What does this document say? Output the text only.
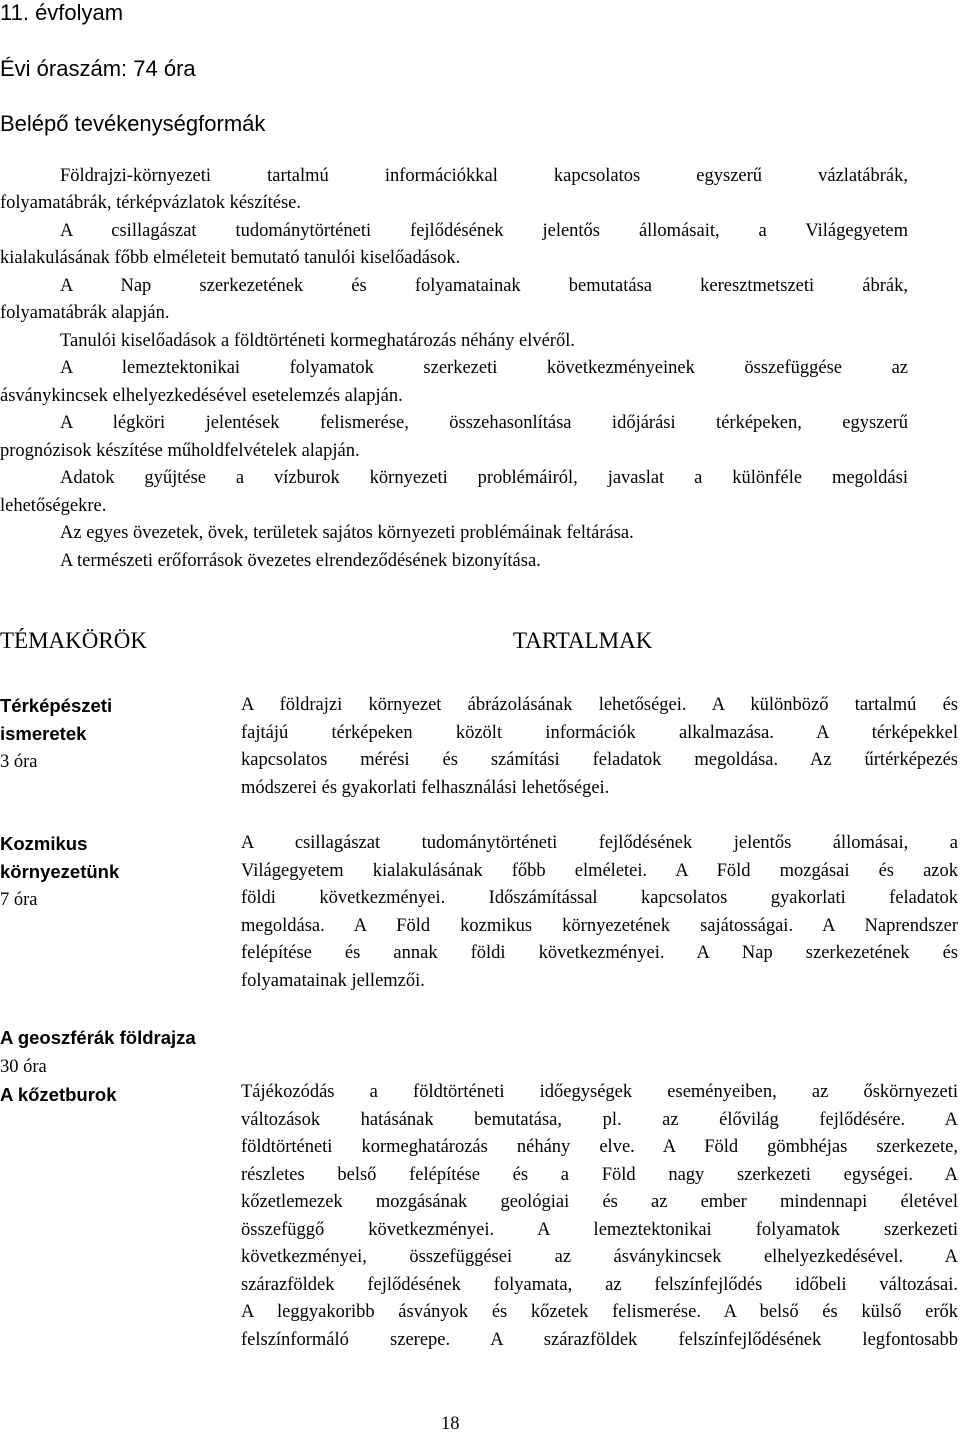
11. évfolyam
Évi óraszám: 74 óra
Belépő tevékenységformák
Földrajzi-környezeti tartalmú információkkal kapcsolatos egyszerű vázlatábrák,
folyamatábrák, térképvázlatok készítése.
A csillagászat tudománytörténeti fejlődésének jelentős állomásait, a Világegyetem
kialakulásának főbb elméleteit bemutató tanulói kiselőadások.
A Nap szerkezetének és folyamatainak bemutatása keresztmetszeti ábrák,
folyamatábrák alapján.
Tanulói kiselőadások a földtörténeti kormeghatározás néhány elvéről.
A lemeztektonikai folyamatok szerkezeti következményeinek összefüggése az
ásványkincsek elhelyezkedésével esetelemzés alapján.
A légköri jelentések felismerése, összehasonlítása időjárási térképeken, egyszerű
prognózisok készítése műholdfelvételek alapján.
Adatok gyűjtése a vízburok környezeti problémáiról, javaslat a különféle megoldási
lehetőségekre.
Az egyes övezetek, övek, területek sajátos környezeti problémáinak feltárása.
A természeti erőforrások övezetes elrendeződésének bizonyítása.
TÉMAKÖRÖK	TARTALMAK
Térképészeti
ismeretek
3 óra
A földrajzi környezet ábrázolásának lehetőségei. A különböző tartalmú és
fajtájú térképeken közölt információk alkalmazása. A térképekkel
kapcsolatos mérési és számítási feladatok megoldása. Az űrtérképezés
módszerei és gyakorlati felhasználási lehetőségei.
Kozmikus
környezetünk
7 óra
A csillagászat tudománytörténeti fejlődésének jelentős állomásai, a
Világegyetem kialakulásának főbb elméletei. A Föld mozgásai és azok
földi következményei. Időszámítással kapcsolatos gyakorlati feladatok
megoldása. A Föld kozmikus környezetének sajátosságai. A Naprendszer
felépítése és annak földi következményei. A Nap szerkezetének és
folyamatainak jellemzői.
A geoszférák földrajza
30 óra
A kőzetburok	Tájékozódás a földtörténeti időegységek eseményeiben, az őskörnyezeti
változások hatásának bemutatása, pl. az élővilág fejlődésére. A
földtörténeti kormeghatározás néhány elve. A Föld gömbhéjas szerkezete,
részletes belső felépítése és a Föld nagy szerkezeti egységei. A
kőzetlemezek mozgásának geológiai és az ember mindennapi életével
összefüggő következményei. A lemeztektonikai folyamatok szerkezeti
következményei, összefüggései az ásványkincsek elhelyezkedésével. A
szárazföldek fejlődésének folyamata, az felszínfejlődés időbeli változásai.
A leggyakoribb ásványok és kőzetek felismerése. A belső és külső erők
felszínformáló szerepe. A szárazföldek felszínfejlődésének legfontosabb
18
